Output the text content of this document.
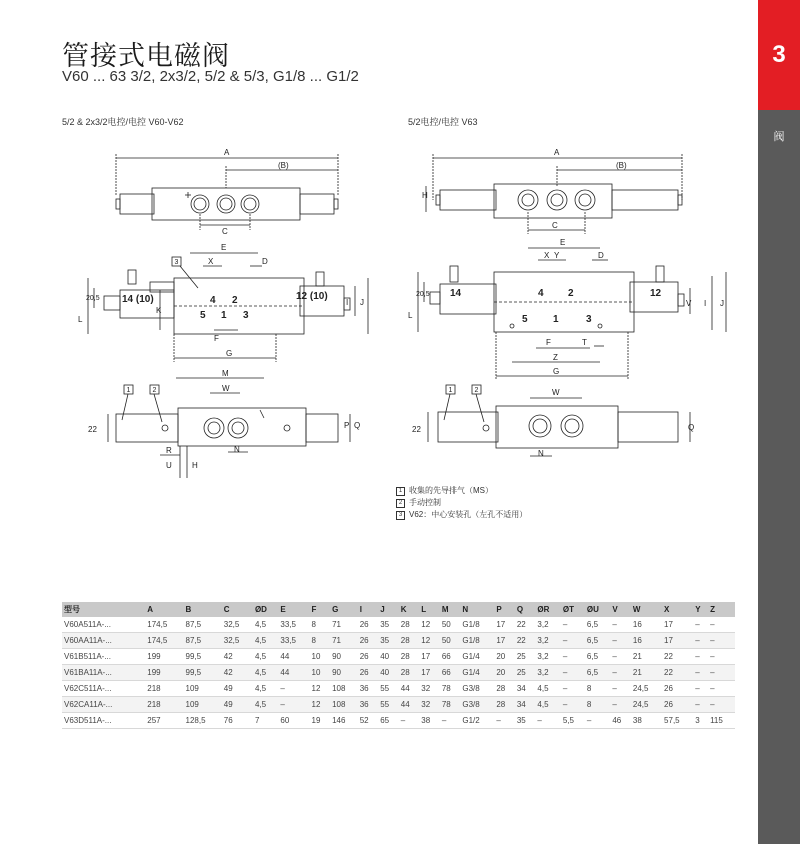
3
阀
管接式电磁阀
V60 ... 63 3/2, 2x3/2, 5/2 & 5/3, G1/8 ... G1/2
5/2 & 2x3/2电控/电控 V60-V62	5/2电控/电控 V63
A
(B)
C
E
X	D
F
G
K
L
I J
20,5
M
W
N
R
U	H
22	P Q
14 (10)	12 (10)
4 2
5 1 3
A
(B)
C
E
X Y	D
F	T
Z
G
L
V I J
20,5
H
W
N
22	Q
14	12
4 2
5	1	3
3
1	2	1	2
1 收集的先导排气（MS）
2 手动控制
3 V62：中心安装孔（左孔不适用）
型号	A	B	C	ØD	E	F	G	I	J	K	L	M	N	P	Q	ØR	ØT	ØU	V	W	X	Y	Z
V60A511A-...	174,5	87,5	32,5	4,5	33,5	8	71	26	35	28	12	50	G1/8	17	22	3,2	–	6,5	–	16	17	–	–
V60AA11A-...	174,5	87,5	32,5	4,5	33,5	8	71	26	35	28	12	50	G1/8	17	22	3,2	–	6,5	–	16	17	–	–
V61B511A-...	199	99,5	42	4,5	44	10	90	26	40	28	17	66	G1/4	20	25	3,2	–	6,5	–	21	22	–	–
V61BA11A-...	199	99,5	42	4,5	44	10	90	26	40	28	17	66	G1/4	20	25	3,2	–	6,5	–	21	22	–	–
V62C511A-...	218	109	49	4,5	–	12	108	36	55	44	32	78	G3/8	28	34	4,5	–	8	–	24,5	26	–	–
V62CA11A-...	218	109	49	4,5	–	12	108	36	55	44	32	78	G3/8	28	34	4,5	–	8	–	24,5	26	–	–
V63D511A-...	257	128,5	76	7	60	19	146	52	65	–	38	–	G1/2	–	35	–	5,5	–	46	38	57,5	3	115
